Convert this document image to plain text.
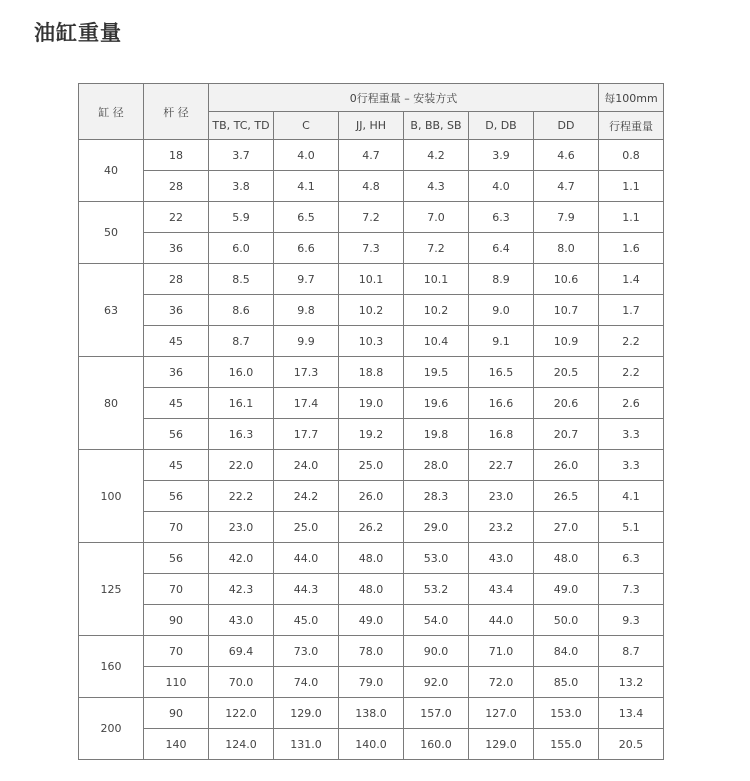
油缸重量
缸 径	杆 径	0行程重量 – 安装方式						每100mm
		TB, TC, TD	C	JJ, HH	B, BB, SB	D, DB	DD	行程重量
40	18	3.7	4.0	4.7	4.2	3.9	4.6	0.8
	28	3.8	4.1	4.8	4.3	4.0	4.7	1.1
50	22	5.9	6.5	7.2	7.0	6.3	7.9	1.1
	36	6.0	6.6	7.3	7.2	6.4	8.0	1.6
63	28	8.5	9.7	10.1	10.1	8.9	10.6	1.4
	36	8.6	9.8	10.2	10.2	9.0	10.7	1.7
	45	8.7	9.9	10.3	10.4	9.1	10.9	2.2
80	36	16.0	17.3	18.8	19.5	16.5	20.5	2.2
	45	16.1	17.4	19.0	19.6	16.6	20.6	2.6
	56	16.3	17.7	19.2	19.8	16.8	20.7	3.3
100	45	22.0	24.0	25.0	28.0	22.7	26.0	3.3
	56	22.2	24.2	26.0	28.3	23.0	26.5	4.1
	70	23.0	25.0	26.2	29.0	23.2	27.0	5.1
125	56	42.0	44.0	48.0	53.0	43.0	48.0	6.3
	70	42.3	44.3	48.0	53.2	43.4	49.0	7.3
	90	43.0	45.0	49.0	54.0	44.0	50.0	9.3
160	70	69.4	73.0	78.0	90.0	71.0	84.0	8.7
	110	70.0	74.0	79.0	92.0	72.0	85.0	13.2
200	90	122.0	129.0	138.0	157.0	127.0	153.0	13.4
	140	124.0	131.0	140.0	160.0	129.0	155.0	20.5
